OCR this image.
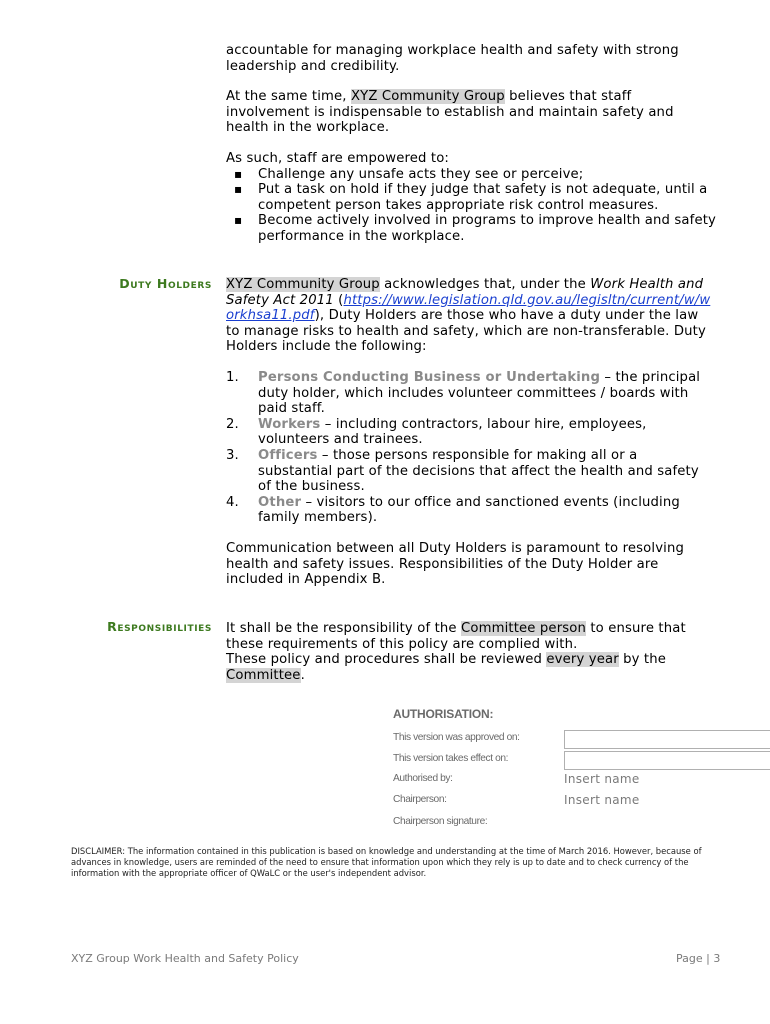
accountable for managing workplace health and safety with strong leadership and credibility.

At the same time, XYZ Community Group believes that staff involvement is indispensable to establish and maintain safety and health in the workplace.

As such, staff are empowered to:

▪ Challenge any unsafe acts they see or perceive;
▪ Put a task on hold if they judge that safety is not adequate, until a competent person takes appropriate risk control measures.
▪ Become actively involved in programs to improve health and safety performance in the workplace.
Duty Holders XYZ Community Group acknowledges that, under the Work Health and Safety Act 2011 (https://www.legislation.qld.gov.au/legisltn/current/w/workhsa11.pdf), Duty Holders are those who have a duty under the law to manage risks to health and safety, which are non-transferable. Duty Holders include the following:

1. Persons Conducting Business or Undertaking – the principal duty holder, which includes volunteer committees / boards with paid staff.
2. Workers – including contractors, labour hire, employees, volunteers and trainees.
3. Officers – those persons responsible for making all or a substantial part of the decisions that affect the health and safety of the business.
4. Other – visitors to our office and sanctioned events (including family members).

Communication between all Duty Holders is paramount to resolving health and safety issues. Responsibilities of the Duty Holder are included in Appendix B.

Responsibilities It shall be the responsibility of the Committee person to ensure that these requirements of this policy are complied with.

These policy and procedures shall be reviewed every year by the Committee.

AUTHORISATION:
This version was approved on:
This version takes effect on:
Authorised by:	Insert name
Chairperson:	Insert name
Chairperson signature:
DISCLAIMER: The information contained in this publication is based on knowledge and understanding at the time of March 2016. However, because of advances in knowledge, users are reminded of the need to ensure that information upon which they rely is up to date and to check currency of the information with the appropriate officer of QWaLC or the user's independent advisor.
XYZ Group Work Health and Safety Policy	Page | 3
